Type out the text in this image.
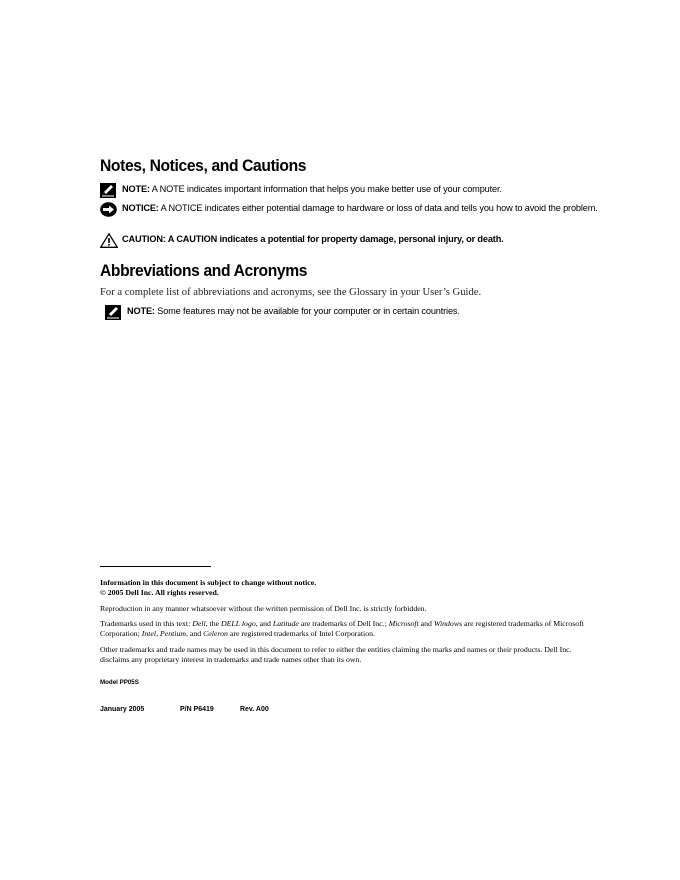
Notes, Notices, and Cautions
NOTE: A NOTE indicates important information that helps you make better use of your computer.
NOTICE: A NOTICE indicates either potential damage to hardware or loss of data and tells you how to avoid the problem.
CAUTION: A CAUTION indicates a potential for property damage, personal injury, or death.
Abbreviations and Acronyms
For a complete list of abbreviations and acronyms, see the Glossary in your User’s Guide.
NOTE: Some features may not be available for your computer or in certain countries.
Information in this document is subject to change without notice.
© 2005 Dell Inc. All rights reserved.
Reproduction in any manner whatsoever without the written permission of Dell Inc. is strictly forbidden.
Trademarks used in this text: Dell, the DELL logo, and Latitude are trademarks of Dell Inc.; Microsoft and Windows are registered trademarks of Microsoft Corporation; Intel, Pentium, and Celeron are registered trademarks of Intel Corporation.
Other trademarks and trade names may be used in this document to refer to either the entities claiming the marks and names or their products. Dell Inc. disclaims any proprietary interest in trademarks and trade names other than its own.
Model PP05S
January 2005	P/N P6419	Rev. A00
